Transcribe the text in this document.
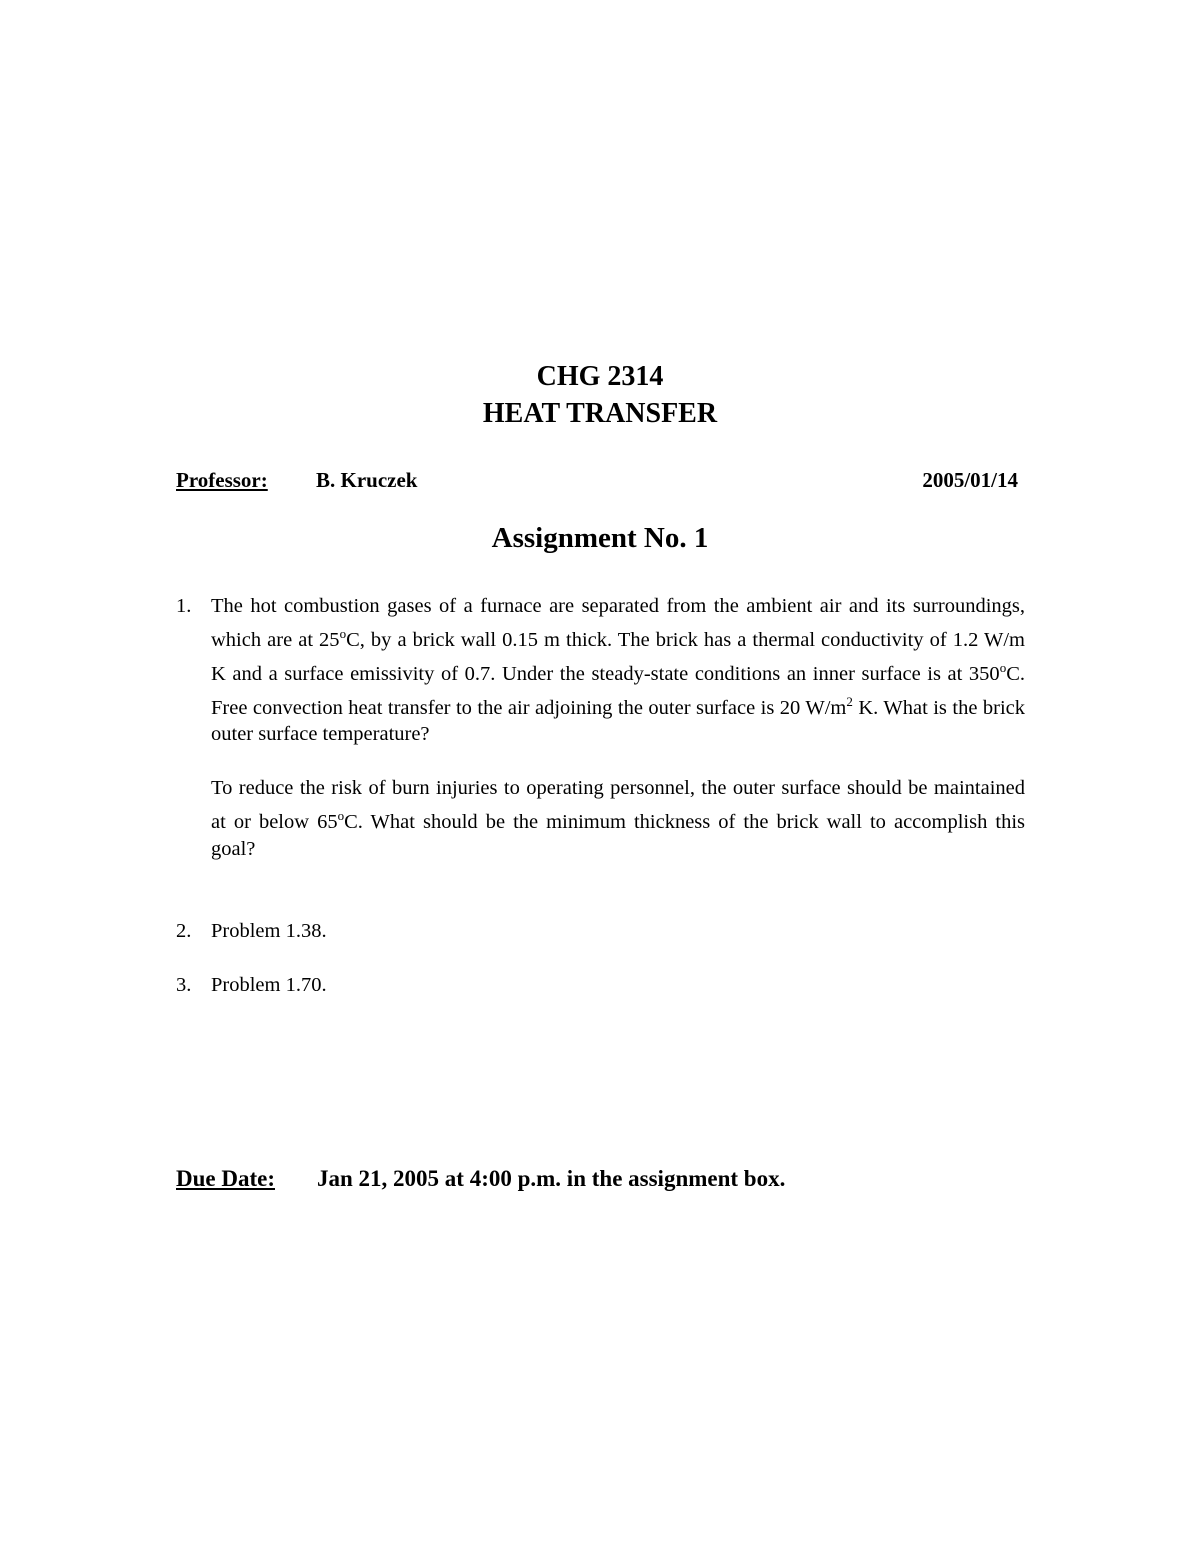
CHG 2314
HEAT TRANSFER
Professor: B. Kruczek	2005/01/14
Assignment No. 1
1. The hot combustion gases of a furnace are separated from the ambient air and its surroundings, which are at 25$^o$C, by a brick wall 0.15 m thick. The brick has a thermal conductivity of 1.2 W/m K and a surface emissivity of 0.7. Under the steady-state conditions an inner surface is at 350$^o$C. Free convection heat transfer to the air adjoining the outer surface is 20 $W/m^2$ K. What is the brick outer surface temperature?

To reduce the risk of burn injuries to operating personnel, the outer surface should be maintained at or below 65$^o$C. What should be the minimum thickness of the brick wall to accomplish this goal?

2. Problem 1.38.
3. Problem 1.70.
Due Date: Jan 21, 2005 at 4:00 p.m. in the assignment box.
